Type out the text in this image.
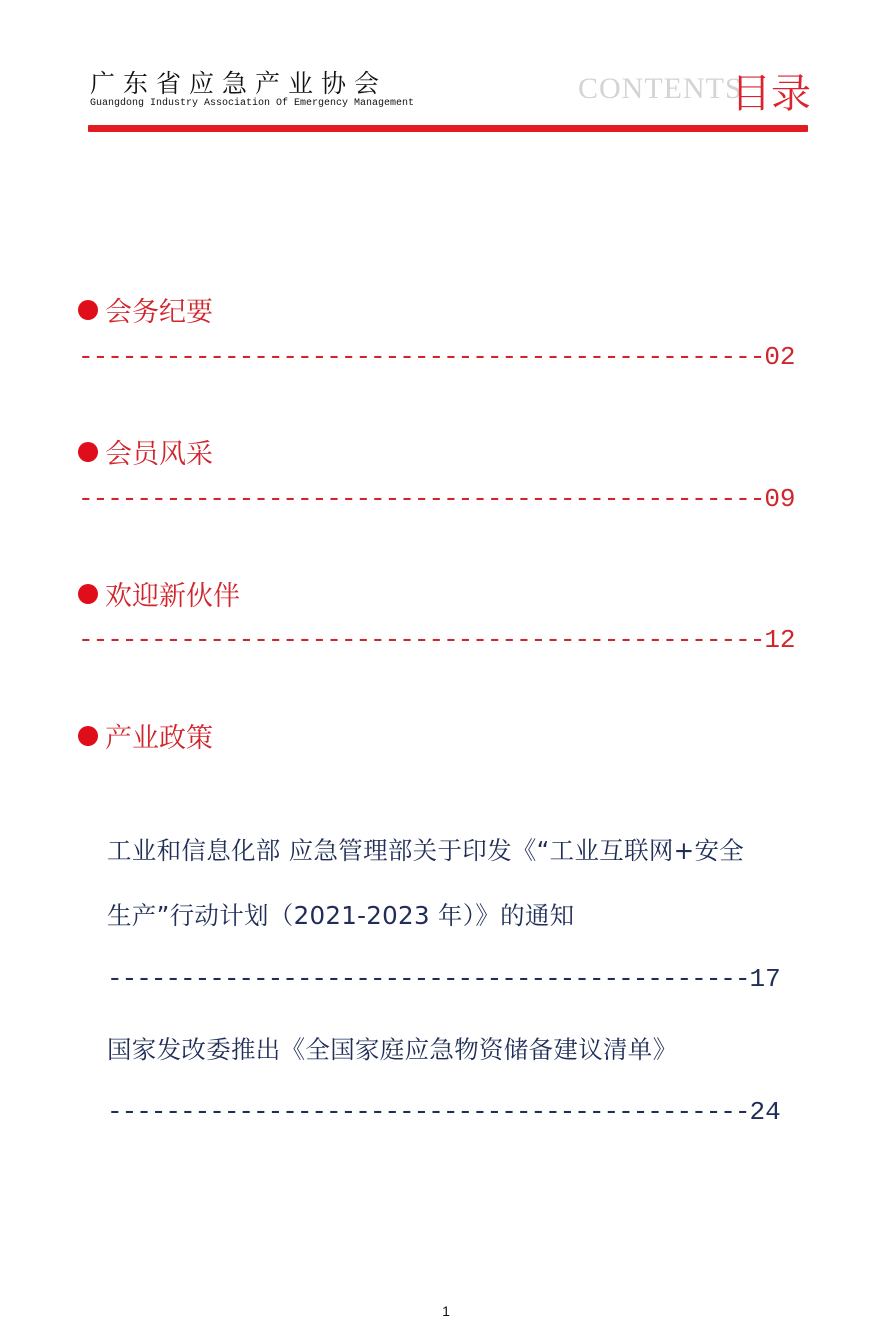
广东省应急产业协会
Guangdong Industry Association Of Emergency Management	CONTENTS
目录
会务纪要
-----------------------------------------------02
会员风采
-----------------------------------------------09
欢迎新伙伴
-----------------------------------------------12
产业政策
工业和信息化部 应急管理部关于印发《“工业互联网+安全
生产”行动计划（2021-2023 年）》的通知
--------------------------------------------17
国家发改委推出《全国家庭应急物资储备建议清单》
--------------------------------------------24
1
